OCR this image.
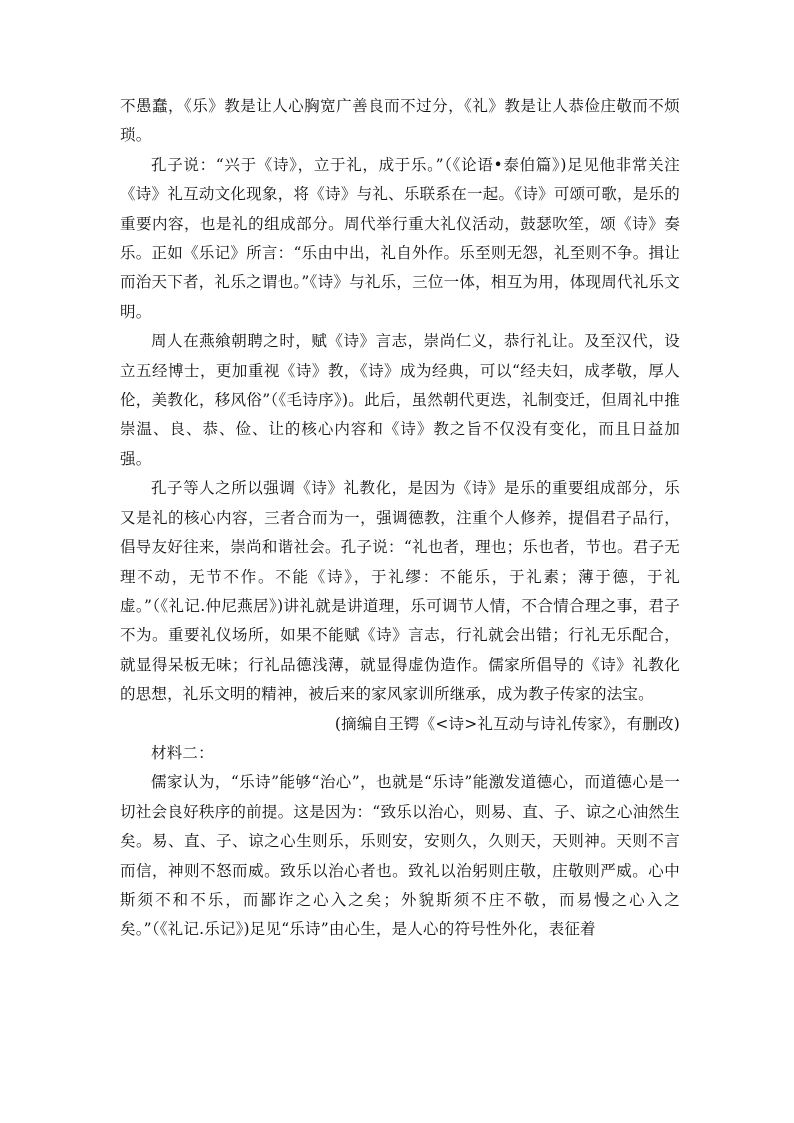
不愚蠢，《乐》教是让人心胸宽广善良而不过分，《礼》教是让人恭俭庄敬而不烦琐。

孔子说：“兴于《诗》，立于礼，成于乐。”（《论语•泰伯篇》)足见他非常关注《诗》礼互动文化现象，将《诗》与礼、乐联系在一起。《诗》可颂可歌，是乐的重要内容，也是礼的组成部分。周代举行重大礼仪活动，鼓瑟吹笙，颂《诗》奏乐。正如《乐记》所言：“乐由中出，礼自外作。乐至则无怨，礼至则不争。揖让而治天下者，礼乐之谓也。”《诗》与礼乐，三位一体，相互为用，体现周代礼乐文明。

周人在燕飨朝聘之时，赋《诗》言志，崇尚仁义，恭行礼让。及至汉代，设立五经博士，更加重视《诗》教，《诗》成为经典，可以“经夫妇，成孝敬，厚人伦，美教化，移风俗”（《毛诗序》)。此后，虽然朝代更迭，礼制变迁，但周礼中推崇温、良、恭、俭、让的核心内容和《诗》教之旨不仅没有变化，而且日益加强。

孔子等人之所以强调《诗》礼教化，是因为《诗》是乐的重要组成部分，乐又是礼的核心内容，三者合而为一，强调德教，注重个人修养，提倡君子品行，倡导友好往来，崇尚和谐社会。孔子说：“礼也者，理也；乐也者，节也。君子无理不动，无节不作。不能《诗》，于礼缪：不能乐，于礼素；薄于德，于礼虚。”（《礼记.仲尼燕居》)讲礼就是讲道理，乐可调节人情，不合情合理之事，君子不为。重要礼仪场所，如果不能赋《诗》言志，行礼就会出错；行礼无乐配合，就显得呆板无味；行礼品德浅薄，就显得虚伪造作。儒家所倡导的《诗》礼教化的思想，礼乐文明的精神，被后来的家风家训所继承，成为教子传家的法宝。

(摘编自王锷《<诗>礼互动与诗礼传家》，有删改)

材料二：

儒家认为，“乐诗”能够“治心”，也就是“乐诗”能激发道德心，而道德心是一切社会良好秩序的前提。这是因为：“致乐以治心，则易、直、子、谅之心油然生矣。易、直、子、谅之心生则乐，乐则安，安则久，久则天，天则神。天则不言而信，神则不怒而威。致乐以治心者也。致礼以治躬则庄敬，庄敬则严威。心中斯须不和不乐，而鄙诈之心入之矣；外貌斯须不庄不敬，而易慢之心入之矣。”（《礼记.乐记》)足见“乐诗”由心生，是人心的符号性外化，表征着
